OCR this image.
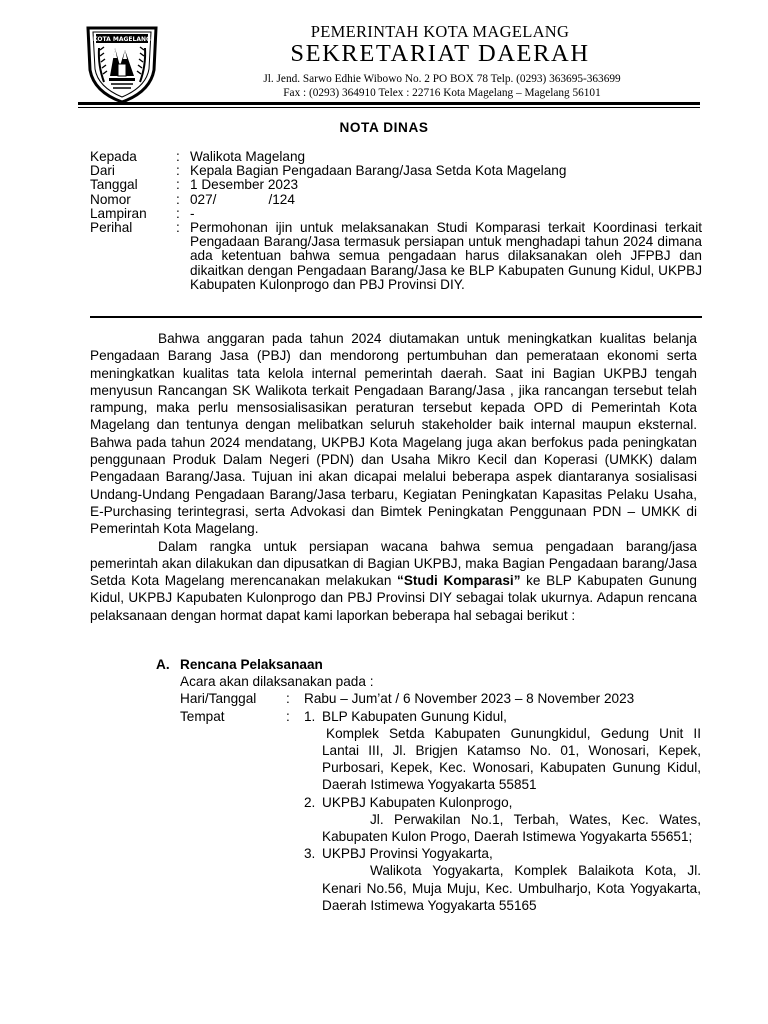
KOTA MAGELANG	PEMERINTAH KOTA MAGELANG
SEKRETARIAT DAERAH
Jl. Jend. Sarwo Edhie Wibowo No. 2 PO BOX 78 Telp. (0293) 363695-363699
Fax : (0293) 364910 Telex : 22716 Kota Magelang – Magelang 56101
NOTA DINAS
Kepada	: Walikota Magelang
Dari	: Kepala Bagian Pengadaan Barang/Jasa Setda Kota Magelang
Tanggal	: 1 Desember 2023
Nomor	: 027/	/124
Lampiran	: -
Perihal	: Permohonan ijin untuk melaksanakan Studi Komparasi terkait Koordinasi terkait Pengadaan Barang/Jasa termasuk persiapan untuk menghadapi tahun 2024 dimana ada ketentuan bahwa semua pengadaan harus dilaksanakan oleh JFPBJ dan dikaitkan dengan Pengadaan Barang/Jasa ke BLP Kabupaten Gunung Kidul, UKPBJ Kabupaten Kulonprogo dan PBJ Provinsi DIY.

Bahwa anggaran pada tahun 2024 diutamakan untuk meningkatkan kualitas belanja Pengadaan Barang Jasa (PBJ) dan mendorong pertumbuhan dan pemerataan ekonomi serta meningkatkan kualitas tata kelola internal pemerintah daerah. Saat ini Bagian UKPBJ tengah menyusun Rancangan SK Walikota terkait Pengadaan Barang/Jasa , jika rancangan tersebut telah rampung, maka perlu mensosialisasikan peraturan tersebut kepada OPD di Pemerintah Kota Magelang dan tentunya dengan melibatkan seluruh stakeholder baik internal maupun eksternal. Bahwa pada tahun 2024 mendatang, UKPBJ Kota Magelang juga akan berfokus pada peningkatan penggunaan Produk Dalam Negeri (PDN) dan Usaha Mikro Kecil dan Koperasi (UMKK) dalam Pengadaan Barang/Jasa. Tujuan ini akan dicapai melalui beberapa aspek diantaranya sosialisasi Undang-Undang Pengadaan Barang/Jasa terbaru, Kegiatan Peningkatan Kapasitas Pelaku Usaha, E-Purchasing terintegrasi, serta Advokasi dan Bimtek Peningkatan Penggunaan PDN – UMKK di Pemerintah Kota Magelang.

Dalam rangka untuk persiapan wacana bahwa semua pengadaan barang/jasa pemerintah akan dilakukan dan dipusatkan di Bagian UKPBJ, maka Bagian Pengadaan barang/Jasa Setda Kota Magelang merencanakan melakukan “Studi Komparasi” ke BLP Kabupaten Gunung Kidul, UKPBJ Kapubaten Kulonprogo dan PBJ Provinsi DIY sebagai tolak ukurnya. Adapun rencana pelaksanaan dengan hormat dapat kami laporkan beberapa hal sebagai berikut :

A. Rencana Pelaksanaan
Acara akan dilaksanakan pada :
Hari/Tanggal	:	Rabu – Jum’at / 6 November 2023 – 8 November 2023
Tempat	:	1. BLP Kabupaten Gunung Kidul,
Komplek Setda Kabupaten Gunungkidul, Gedung Unit II Lantai III, Jl. Brigjen Katamso No. 01, Wonosari, Kepek, Purbosari, Kepek, Kec. Wonosari, Kabupaten Gunung Kidul, Daerah Istimewa Yogyakarta 55851
2. UKPBJ Kabupaten Kulonprogo,
Jl. Perwakilan No.1, Terbah, Wates, Kec. Wates, Kabupaten Kulon Progo, Daerah Istimewa Yogyakarta 55651;
3. UKPBJ Provinsi Yogyakarta,
Walikota Yogyakarta, Komplek Balaikota Kota, Jl. Kenari No.56, Muja Muju, Kec. Umbulharjo, Kota Yogyakarta, Daerah Istimewa Yogyakarta 55165
